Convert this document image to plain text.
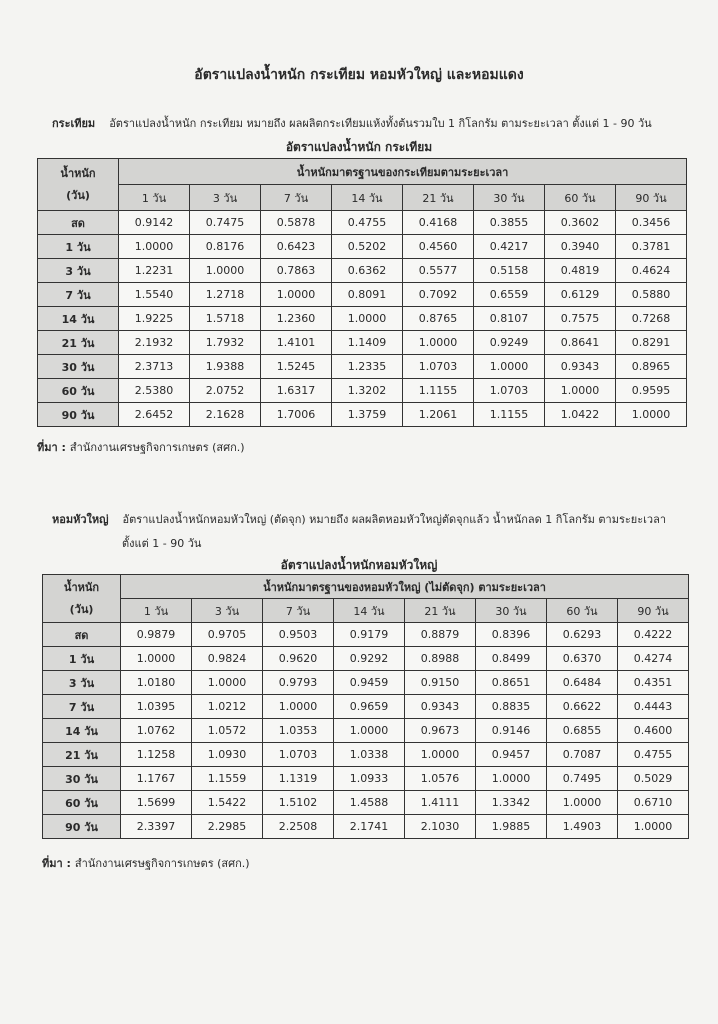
อัตราแปลงน้ำหนัก กระเทียม หอมหัวใหญ่ และหอมแดง
กระเทียม อัตราแปลงน้ำหนัก กระเทียม หมายถึง ผลผลิตกระเทียมแห้งทั้งต้นรวมใบ 1 กิโลกรัม ตามระยะเวลา ตั้งแต่ 1 - 90 วัน
อัตราแปลงน้ำหนัก กระเทียม
น้ำหนัก
(วัน)	น้ำหนักมาตรฐานของกระเทียมตามระยะเวลา							
	1 วัน	3 วัน	7 วัน	14 วัน	21 วัน	30 วัน	60 วัน	90 วัน
สด	0.9142	0.7475	0.5878	0.4755	0.4168	0.3855	0.3602	0.3456
1 วัน	1.0000	0.8176	0.6423	0.5202	0.4560	0.4217	0.3940	0.3781
3 วัน	1.2231	1.0000	0.7863	0.6362	0.5577	0.5158	0.4819	0.4624
7 วัน	1.5540	1.2718	1.0000	0.8091	0.7092	0.6559	0.6129	0.5880
14 วัน	1.9225	1.5718	1.2360	1.0000	0.8765	0.8107	0.7575	0.7268
21 วัน	2.1932	1.7932	1.4101	1.1409	1.0000	0.9249	0.8641	0.8291
30 วัน	2.3713	1.9388	1.5245	1.2335	1.0703	1.0000	0.9343	0.8965
60 วัน	2.5380	2.0752	1.6317	1.3202	1.1155	1.0703	1.0000	0.9595
90 วัน	2.6452	2.1628	1.7006	1.3759	1.2061	1.1155	1.0422	1.0000
ที่มา : สำนักงานเศรษฐกิจการเกษตร (สศก.)
หอมหัวใหญ่ อัตราแปลงน้ำหนักหอมหัวใหญ่ (ตัดจุก) หมายถึง ผลผลิตหอมหัวใหญ่ตัดจุกแล้ว น้ำหนักลด 1 กิโลกรัม ตามระยะเวลา
ตั้งแต่ 1 - 90 วัน
อัตราแปลงน้ำหนักหอมหัวใหญ่
น้ำหนัก
(วัน)	น้ำหนักมาตรฐานของหอมหัวใหญ่ (ไม่ตัดจุก) ตามระยะเวลา							
	1 วัน	3 วัน	7 วัน	14 วัน	21 วัน	30 วัน	60 วัน	90 วัน
สด	0.9879	0.9705	0.9503	0.9179	0.8879	0.8396	0.6293	0.4222
1 วัน	1.0000	0.9824	0.9620	0.9292	0.8988	0.8499	0.6370	0.4274
3 วัน	1.0180	1.0000	0.9793	0.9459	0.9150	0.8651	0.6484	0.4351
7 วัน	1.0395	1.0212	1.0000	0.9659	0.9343	0.8835	0.6622	0.4443
14 วัน	1.0762	1.0572	1.0353	1.0000	0.9673	0.9146	0.6855	0.4600
21 วัน	1.1258	1.0930	1.0703	1.0338	1.0000	0.9457	0.7087	0.4755
30 วัน	1.1767	1.1559	1.1319	1.0933	1.0576	1.0000	0.7495	0.5029
60 วัน	1.5699	1.5422	1.5102	1.4588	1.4111	1.3342	1.0000	0.6710
90 วัน	2.3397	2.2985	2.2508	2.1741	2.1030	1.9885	1.4903	1.0000
ที่มา : สำนักงานเศรษฐกิจการเกษตร (สศก.)
